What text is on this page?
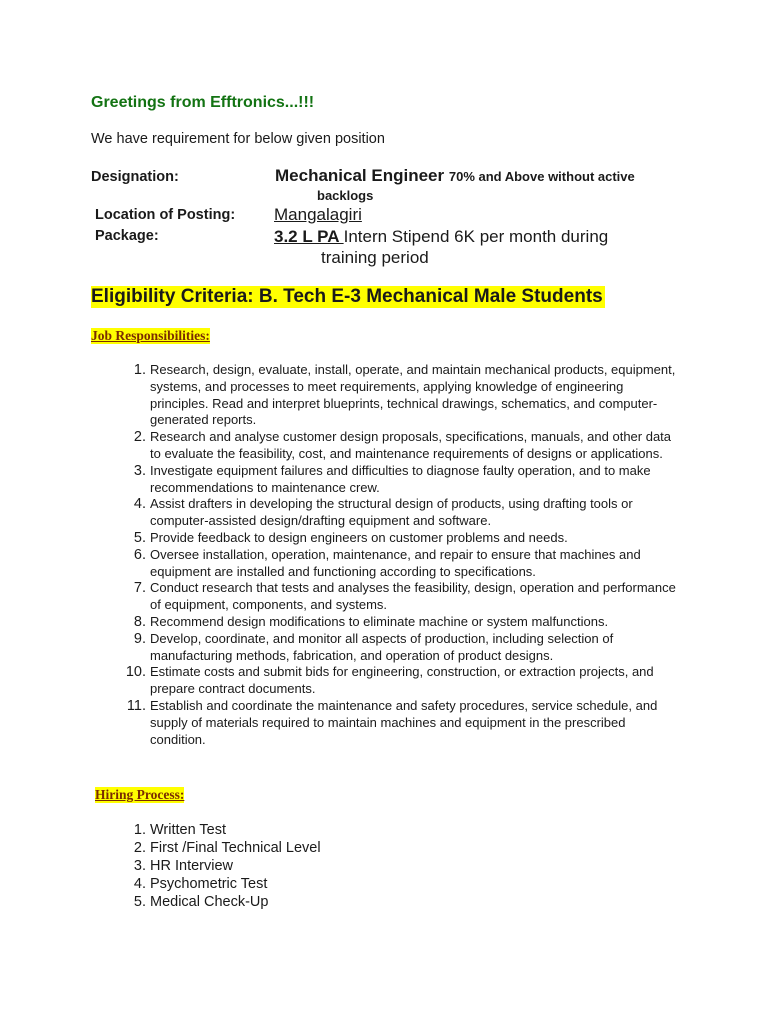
Greetings from Efftronics...!!!
We have requirement for below given position
Designation:	Mechanical Engineer 70% and Above without active
backlogs
Location of Posting: Mangalagiri
Package:	3.2 L PA Intern Stipend 6K per month during
training period
Eligibility Criteria: B. Tech E-3 Mechanical Male Students
Job Responsibilities:
1. Research, design, evaluate, install, operate, and maintain mechanical products, equipment, systems, and processes to meet requirements, applying knowledge of engineering principles. Read and interpret blueprints, technical drawings, schematics, and computer-generated reports.
2. Research and analyse customer design proposals, specifications, manuals, and other data to evaluate the feasibility, cost, and maintenance requirements of designs or applications.
3. Investigate equipment failures and difficulties to diagnose faulty operation, and to make recommendations to maintenance crew.
4. Assist drafters in developing the structural design of products, using drafting tools or computer-assisted design/drafting equipment and software.
5. Provide feedback to design engineers on customer problems and needs.
6. Oversee installation, operation, maintenance, and repair to ensure that machines and equipment are installed and functioning according to specifications.
7. Conduct research that tests and analyses the feasibility, design, operation and performance of equipment, components, and systems.
8. Recommend design modifications to eliminate machine or system malfunctions.
9. Develop, coordinate, and monitor all aspects of production, including selection of manufacturing methods, fabrication, and operation of product designs.
10. Estimate costs and submit bids for engineering, construction, or extraction projects, and prepare contract documents.
11. Establish and coordinate the maintenance and safety procedures, service schedule, and supply of materials required to maintain machines and equipment in the prescribed condition.
Hiring Process:
1. Written Test
2. First /Final Technical Level
3. HR Interview
4. Psychometric Test
5. Medical Check-Up
